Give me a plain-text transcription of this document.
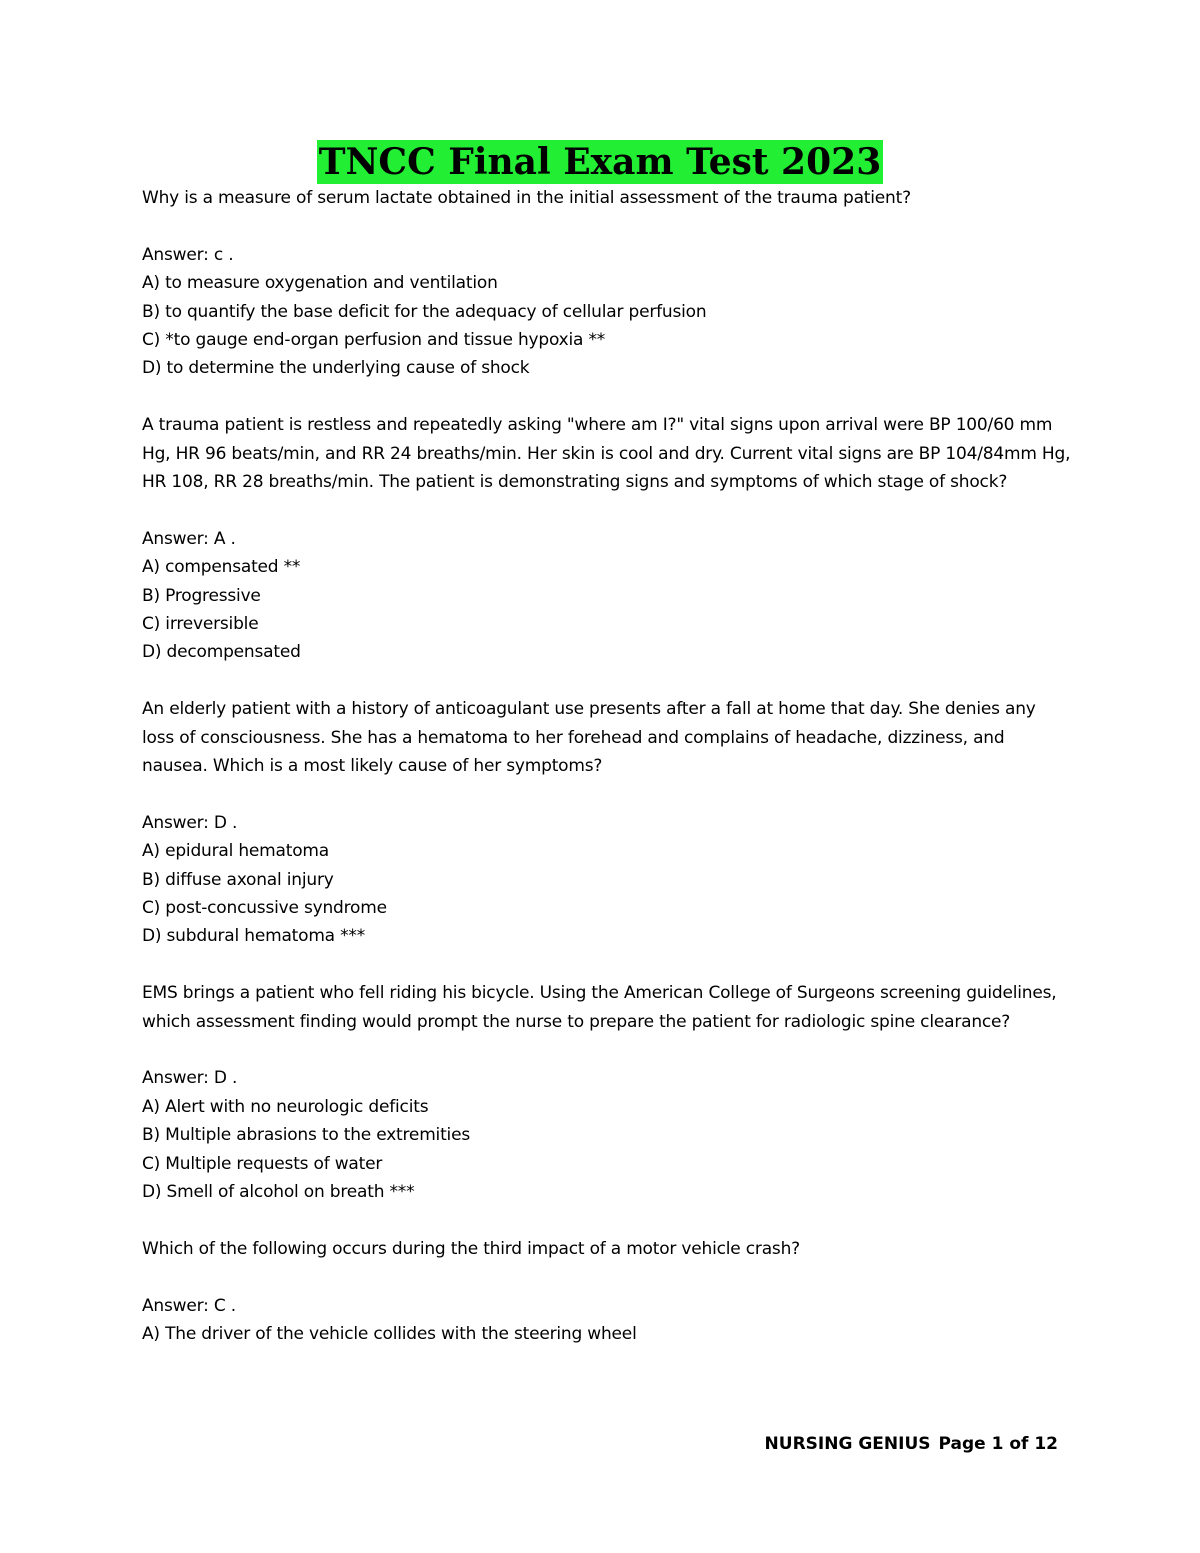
TNCC Final Exam Test 2023

Why is a measure of serum lactate obtained in the initial assessment of the trauma patient?

Answer: c .

A) to measure oxygenation and ventilation

B) to quantify the base deficit for the adequacy of cellular perfusion

C) *to gauge end-organ perfusion and tissue hypoxia **

D) to determine the underlying cause of shock

A trauma patient is restless and repeatedly asking "where am I?" vital signs upon arrival were BP 100/60 mm Hg, HR 96 beats/min, and RR 24 breaths/min. Her skin is cool and dry. Current vital signs are BP 104/84mm Hg, HR 108, RR 28 breaths/min. The patient is demonstrating signs and symptoms of which stage of shock?

Answer: A .

A) compensated **

B) Progressive

C) irreversible

D) decompensated

An elderly patient with a history of anticoagulant use presents after a fall at home that day. She denies any loss of consciousness. She has a hematoma to her forehead and complains of headache, dizziness, and nausea. Which is a most likely cause of her symptoms?

Answer: D .

A) epidural hematoma

B) diffuse axonal injury

C) post-concussive syndrome

D) subdural hematoma ***

EMS brings a patient who fell riding his bicycle. Using the American College of Surgeons screening guidelines, which assessment finding would prompt the nurse to prepare the patient for radiologic spine clearance?

Answer: D .

A) Alert with no neurologic deficits

B) Multiple abrasions to the extremities

C) Multiple requests of water

D) Smell of alcohol on breath ***

Which of the following occurs during the third impact of a motor vehicle crash?

Answer: C .

A) The driver of the vehicle collides with the steering wheel

NURSING GENIUS Page 1 of 12
